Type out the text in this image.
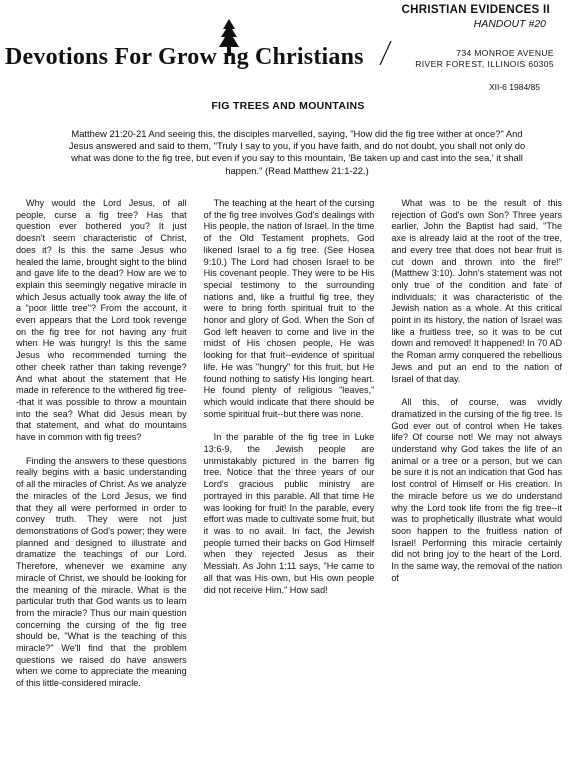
Devotions For Grow ng Christians
CHRISTIAN EVIDENCES II
HANDOUT #20
734 MONROE AVENUE
RIVER FOREST, ILLINOIS 60305
XII-6 1984/85
FIG TREES AND MOUNTAINS
Matthew 21:20-21 And seeing this, the disciples marvelled, saying, "How did the fig tree wither at once?" And Jesus answered and said to them, "Truly I say to you, if you have faith, and do not doubt, you shall not only do what was done to the fig tree, but even if you say to this mountain, 'Be taken up and cast into the sea,' it shall happen." (Read Matthew 21:1-22.)

Why would the Lord Jesus, of all people, curse a fig tree? Has that question ever bothered you? It just doesn't seem characteristic of Christ, does it? Is this the same Jesus who healed the lame, brought sight to the blind and gave life to the dead? How are we to explain this seemingly negative miracle in which Jesus actually took away the life of a "poor little tree"? From the account, it even appears that the Lord took revenge on the fig tree for not having any fruit when He was hungry! Is this the same Jesus who recommended turning the other cheek rather than taking revenge? And what about the statement that He made in reference to the withered fig tree--that it was possible to throw a mountain into the sea? What did Jesus mean by that statement, and what do mountains have in common with fig trees?

Finding the answers to these questions really begins with a basic understanding of all the miracles of Christ. As we analyze the miracles of the Lord Jesus, we find that they all were performed in order to convey truth. They were not just demonstrations of God's power; they were planned and designed to illustrate and dramatize the teachings of our Lord. Therefore, whenever we examine any miracle of Christ, we should be looking for the meaning of the miracle. What is the particular truth that God wants us to learn from the miracle? Thus our main question concerning the cursing of the fig tree should be, "What is the teaching of this miracle?" We'll find that the problem questions we raised do have answers when we come to appreciate the meaning of this little-considered miracle.

The teaching at the heart of the cursing of the fig tree involves God's dealings with His people, the nation of Israel. In the time of the Old Testament prophets, God likened Israel to a fig tree. (See Hosea 9:10.) The Lord had chosen Israel to be His covenant people. They were to be His special testimony to the surrounding nations and, like a fruitful fig tree, they were to bring forth spiritual fruit to the honor and glory of God. When the Son of God left heaven to come and live in the midst of His chosen people, He was looking for that fruit--evidence of spiritual life. He was "hungry" for this fruit, but He found nothing to satisfy His longing heart. He found plenty of religious "leaves," which would indicate that there should be some spiritual fruit--but there was none.

In the parable of the fig tree in Luke 13:6-9, the Jewish people are unmistakably pictured in the barren fig tree. Notice that the three years of our Lord's gracious public ministry are portrayed in this parable. All that time He was looking for fruit! In the parable, every effort was made to cultivate some fruit, but it was to no avail. In fact, the Jewish people turned their backs on God Himself when they rejected Jesus as their Messiah. As John 1:11 says, "He came to all that was His own, but His own people did not receive Him." How sad!

What was to be the result of this rejection of God's own Son? Three years earlier, John the Baptist had said, "The axe is already laid at the root of the tree, and every tree that does not bear fruit is cut down and thrown into the fire!" (Matthew 3:10). John's statement was not only true of the condition and fate of individuals; it was characteristic of the Jewish nation as a whole. At this critical point in its history, the nation of Israel was like a fruitless tree, so it was to be cut down and removed! It happened! In 70 AD the Roman army conquered the rebellious Jews and put an end to the nation of Israel of that day.

All this, of course, was vividly dramatized in the cursing of the fig tree. Is God ever out of control when He takes life? Of course not! We may not always understand why God takes the life of an animal or a tree or a person, but we can be sure it is not an indication that God has lost control of Himself or His creation. In the miracle before us we do understand why the Lord took life from the fig tree--it was to prophetically illustrate what would soon happen to the fruitless nation of Israel! Performing this miracle certainly did not bring joy to the heart of the Lord. In the same way, the removal of the nation of
